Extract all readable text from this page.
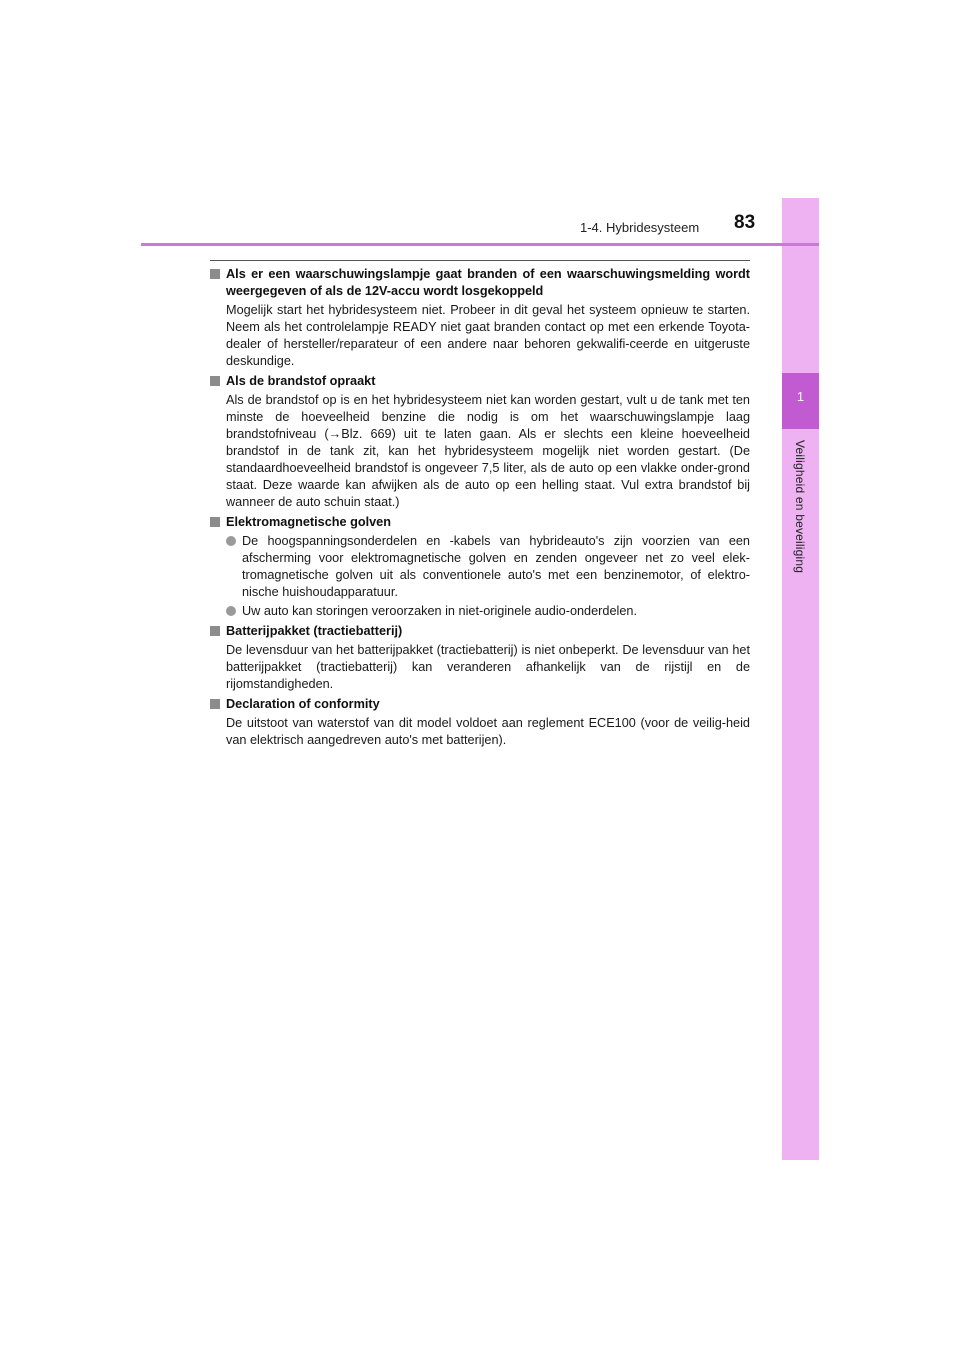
1
Veiligheid en beveiliging
1-4. Hybridesysteem 83
Als er een waarschuwingslampje gaat branden of een waarschuwingsmelding wordt weergegeven of als de 12V-accu wordt losgekoppeld
Mogelijk start het hybridesysteem niet. Probeer in dit geval het systeem opnieuw te starten. Neem als het controlelampje READY niet gaat branden contact op met een erkende Toyota-dealer of hersteller/reparateur of een andere naar behoren gekwalifi-ceerde en uitgeruste deskundige.
Als de brandstof opraakt
Als de brandstof op is en het hybridesysteem niet kan worden gestart, vult u de tank met ten minste de hoeveelheid benzine die nodig is om het waarschuwingslampje laag brandstofniveau (→Blz. 669) uit te laten gaan. Als er slechts een kleine hoeveelheid brandstof in de tank zit, kan het hybridesysteem mogelijk niet worden gestart. (De standaardhoeveelheid brandstof is ongeveer 7,5 liter, als de auto op een vlakke onder-grond staat. Deze waarde kan afwijken als de auto op een helling staat. Vul extra brandstof bij wanneer de auto schuin staat.)
Elektromagnetische golven
De hoogspanningsonderdelen en -kabels van hybrideauto's zijn voorzien van een afscherming voor elektromagnetische golven en zenden ongeveer net zo veel elek-tromagnetische golven uit als conventionele auto's met een benzinemotor, of elektro-nische huishoudapparatuur.
Uw auto kan storingen veroorzaken in niet-originele audio-onderdelen.
Batterijpakket (tractiebatterij)
De levensduur van het batterijpakket (tractiebatterij) is niet onbeperkt. De levensduur van het batterijpakket (tractiebatterij) kan veranderen afhankelijk van de rijstijl en de rijomstandigheden.
Declaration of conformity
De uitstoot van waterstof van dit model voldoet aan reglement ECE100 (voor de veilig-heid van elektrisch aangedreven auto's met batterijen).
